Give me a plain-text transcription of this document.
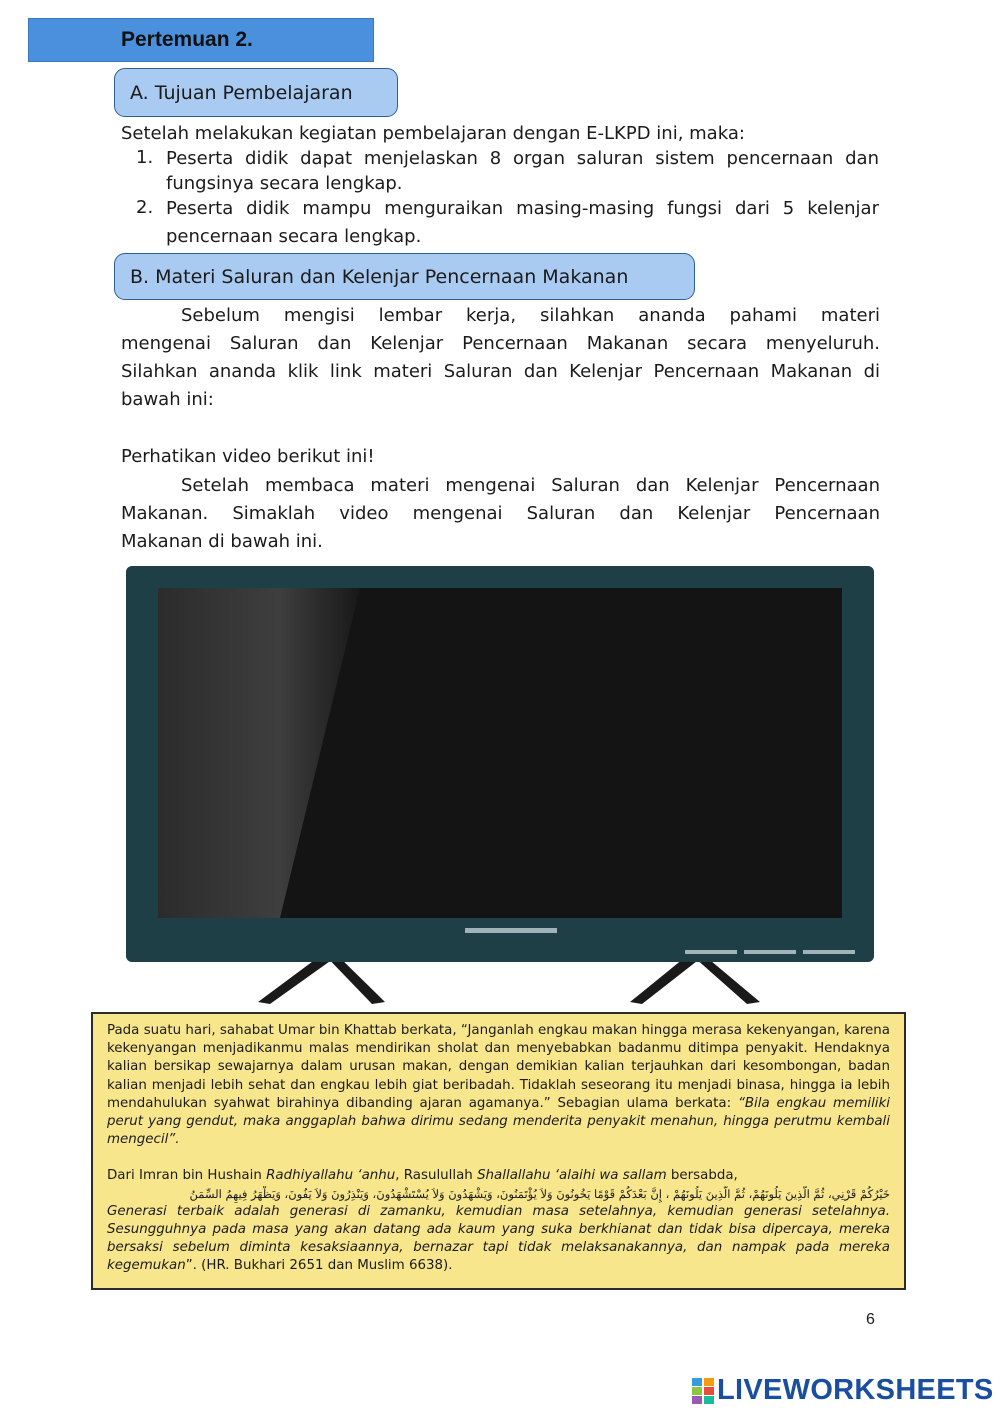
Pertemuan 2.
A. Tujuan Pembelajaran
Setelah melakukan kegiatan pembelajaran dengan E-LKPD ini, maka:
1. Peserta didik dapat menjelaskan 8 organ saluran sistem pencernaan dan
fungsinya secara lengkap.
2. Peserta didik mampu menguraikan masing-masing fungsi dari 5 kelenjar
pencernaan secara lengkap.
B. Materi Saluran dan Kelenjar Pencernaan Makanan
Sebelum mengisi lembar kerja, silahkan ananda pahami materi
mengenai Saluran dan Kelenjar Pencernaan Makanan secara menyeluruh.
Silahkan ananda klik link materi Saluran dan Kelenjar Pencernaan Makanan di
bawah ini:
Perhatikan video berikut ini!
Setelah membaca materi mengenai Saluran dan Kelenjar Pencernaan
Makanan. Simaklah video mengenai Saluran dan Kelenjar Pencernaan
Makanan di bawah ini.

Pada suatu hari, sahabat Umar bin Khattab berkata, “Janganlah engkau makan hingga merasa kekenyangan, karena kekenyangan menjadikanmu malas mendirikan sholat dan menyebabkan badanmu ditimpa penyakit. Hendaknya kalian bersikap sewajarnya dalam urusan makan, dengan demikian kalian terjauhkan dari kesombongan, badan kalian menjadi lebih sehat dan engkau lebih giat beribadah. Tidaklah seseorang itu menjadi binasa, hingga ia lebih mendahulukan syahwat birahinya dibanding ajaran agamanya.” Sebagian ulama berkata: “Bila engkau memiliki perut yang gendut, maka anggaplah bahwa dirimu sedang menderita penyakit menahun, hingga perutmu kembali mengecil”.

Dari Imran bin Hushain Radhiyallahu ‘anhu, Rasulullah Shallallahu ‘alaihi wa sallam bersabda,

خَيْرُكُمْ قَرْنِي، ثُمَّ الَّذِينَ يَلُونَهُمْ، ثُمَّ الَّذِينَ يَلُونَهُمْ ، إِنَّ بَعْدَكُمْ قَوْمًا يَخُونُونَ وَلاَ يُؤْتَمَنُونَ، وَيَشْهَدُونَ وَلاَ يُسْتَشْهَدُونَ، وَيَنْذِرُونَ وَلاَ يَفُونَ، وَيَظْهَرُ فِيهِمُ السِّمَنُ

Generasi terbaik adalah generasi di zamanku, kemudian masa setelahnya, kemudian generasi setelahnya. Sesungguhnya pada masa yang akan datang ada kaum yang suka berkhianat dan tidak bisa dipercaya, mereka bersaksi sebelum diminta kesaksiaannya, bernazar tapi tidak melaksanakannya, dan nampak pada mereka kegemukan”. (HR. Bukhari 2651 dan Muslim 6638).

6
LIVEWORKSHEETS
